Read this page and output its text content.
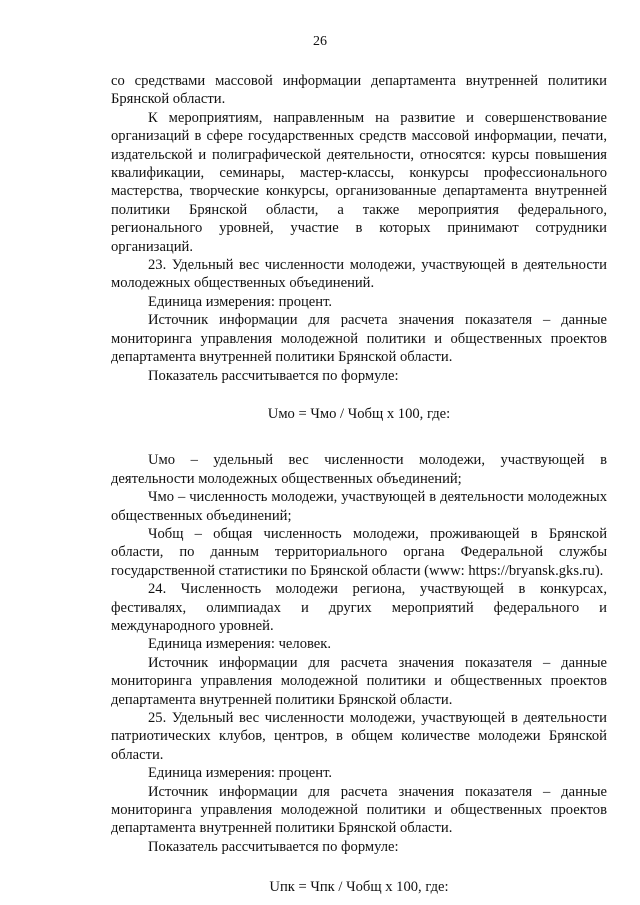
26

со средствами массовой информации департамента внутренней политики Брянской области.

К мероприятиям, направленным на развитие и совершенствование организаций в сфере государственных средств массовой информации, печати, издательской и полиграфической деятельности, относятся: курсы повышения квалификации, семинары, мастер-классы, конкурсы профессионального мастерства, творческие конкурсы, организованные департамента внутренней политики Брянской области, а также мероприятия федерального, регионального уровней, участие в которых принимают сотрудники организаций.

23. Удельный вес численности молодежи, участвующей в деятельности молодежных общественных объединений.

Единица измерения: процент.

Источник информации для расчета значения показателя – данные мониторинга управления молодежной политики и общественных проектов департамента внутренней политики Брянской области.

Показатель рассчитывается по формуле:

Uмо = Чмо / Чобщ х 100, где:

Uмо – удельный вес численности молодежи, участвующей в деятельности молодежных общественных объединений;

Чмо – численность молодежи, участвующей в деятельности молодежных общественных объединений;

Чобщ – общая численность молодежи, проживающей в Брянской области, по данным территориального органа Федеральной службы государственной статистики по Брянской области (www: https://bryansk.gks.ru).

24. Численность молодежи региона, участвующей в конкурсах, фестивалях, олимпиадах и других мероприятий федерального и международного уровней.

Единица измерения: человек.

Источник информации для расчета значения показателя – данные мониторинга управления молодежной политики и общественных проектов департамента внутренней политики Брянской области.

25. Удельный вес численности молодежи, участвующей в деятельности патриотических клубов, центров, в общем количестве молодежи Брянской области.

Единица измерения: процент.

Источник информации для расчета значения показателя – данные мониторинга управления молодежной политики и общественных проектов департамента внутренней политики Брянской области.

Показатель рассчитывается по формуле:

Uпк = Чпк / Чобщ х 100, где:
